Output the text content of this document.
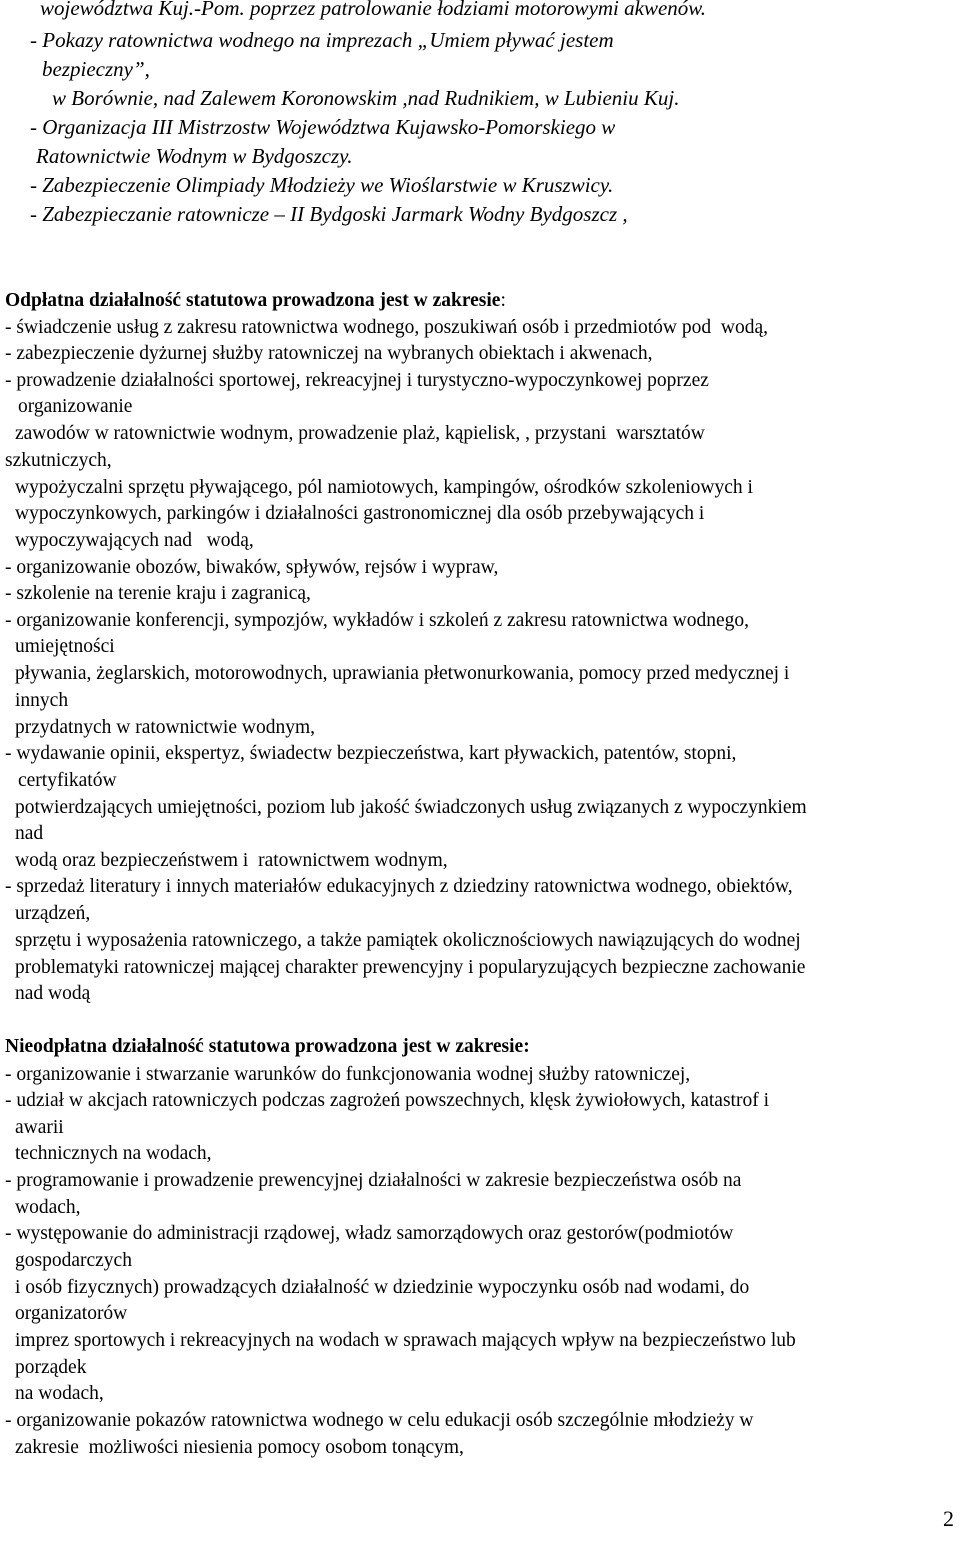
województwa Kuj.-Pom. poprzez patrolowanie łodziami motorowymi akwenów.
- Pokazy ratownictwa wodnego na imprezach „Umiem pływać jestem
bezpieczny”,
w Borównie, nad Zalewem Koronowskim ,nad Rudnikiem, w Lubieniu Kuj.
- Organizacja III Mistrzostw Województwa Kujawsko-Pomorskiego w
Ratownictwie Wodnym w Bydgoszczy.
- Zabezpieczenie Olimpiady Młodzieży we Wioślarstwie w Kruszwicy.
- Zabezpieczanie ratownicze – II Bydgoski Jarmark Wodny Bydgoszcz ,
Odpłatna działalność statutowa prowadzona jest w zakresie:
- świadczenie usług z zakresu ratownictwa wodnego, poszukiwań osób i przedmiotów pod  wodą,
- zabezpieczenie dyżurnej służby ratowniczej na wybranych obiektach i akwenach,
- prowadzenie działalności sportowej, rekreacyjnej i turystyczno-wypoczynkowej poprzez
organizowanie
zawodów w ratownictwie wodnym, prowadzenie plaż, kąpielisk, , przystani  warsztatów
szkutniczych,
wypożyczalni sprzętu pływającego, pól namiotowych, kampingów, ośrodków szkoleniowych i
wypoczynkowych, parkingów i działalności gastronomicznej dla osób przebywających i
wypoczywających nad   wodą,
- organizowanie obozów, biwaków, spływów, rejsów i wypraw,
- szkolenie na terenie kraju i zagranicą,
- organizowanie konferencji, sympozjów, wykładów i szkoleń z zakresu ratownictwa wodnego,
umiejętności
pływania, żeglarskich, motorowodnych, uprawiania płetwonurkowania, pomocy przed medycznej i
innych
przydatnych w ratownictwie wodnym,
- wydawanie opinii, ekspertyz, świadectw bezpieczeństwa, kart pływackich, patentów, stopni,
certyfikatów
potwierdzających umiejętności, poziom lub jakość świadczonych usług związanych z wypoczynkiem
nad
wodą oraz bezpieczeństwem i  ratownictwem wodnym,
- sprzedaż literatury i innych materiałów edukacyjnych z dziedziny ratownictwa wodnego, obiektów,
urządzeń,
sprzętu i wyposażenia ratowniczego, a także pamiątek okolicznościowych nawiązujących do wodnej
problematyki ratowniczej mającej charakter prewencyjny i popularyzujących bezpieczne zachowanie
nad wodą
Nieodpłatna działalność statutowa prowadzona jest w zakresie:
- organizowanie i stwarzanie warunków do funkcjonowania wodnej służby ratowniczej,
- udział w akcjach ratowniczych podczas zagrożeń powszechnych, klęsk żywiołowych, katastrof i
awarii
technicznych na wodach,
- programowanie i prowadzenie prewencyjnej działalności w zakresie bezpieczeństwa osób na
wodach,
- występowanie do administracji rządowej, władz samorządowych oraz gestorów(podmiotów
gospodarczych
i osób fizycznych) prowadzących działalność w dziedzinie wypoczynku osób nad wodami, do
organizatorów
imprez sportowych i rekreacyjnych na wodach w sprawach mających wpływ na bezpieczeństwo lub
porządek
na wodach,
- organizowanie pokazów ratownictwa wodnego w celu edukacji osób szczególnie młodzieży w
zakresie  możliwości niesienia pomocy osobom tonącym,
2
